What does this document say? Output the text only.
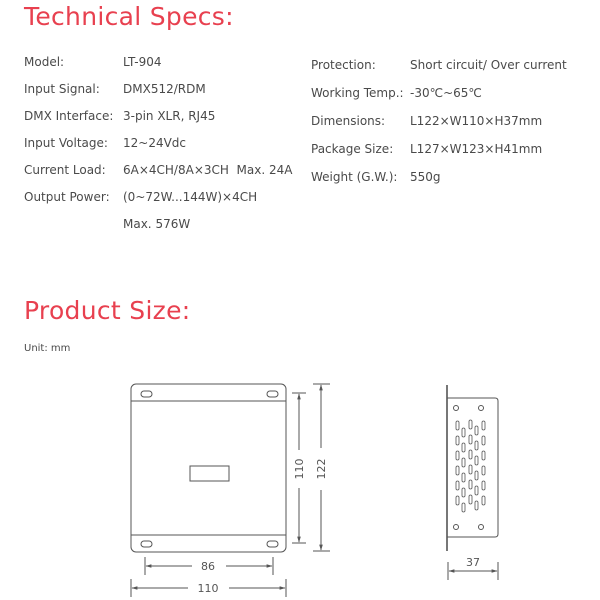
Technical Specs:
Model:	LT-904
Input Signal: DMX512/RDM
DMX Interface: 3-pin XLR, RJ45
Input Voltage: 12~24Vdc
Current Load: 6A×4CH/8A×3CH  Max. 24A
Output Power: (0~72W...144W)×4CH
Max. 576W
Protection:	Short circuit/ Over current
Working Temp.: -30℃~65℃
Dimensions: L122×W110×H37mm
Package Size: L127×W123×H41mm
Weight (G.W.): 550g
Product Size:
Unit: mm
86
110
110 122
37
